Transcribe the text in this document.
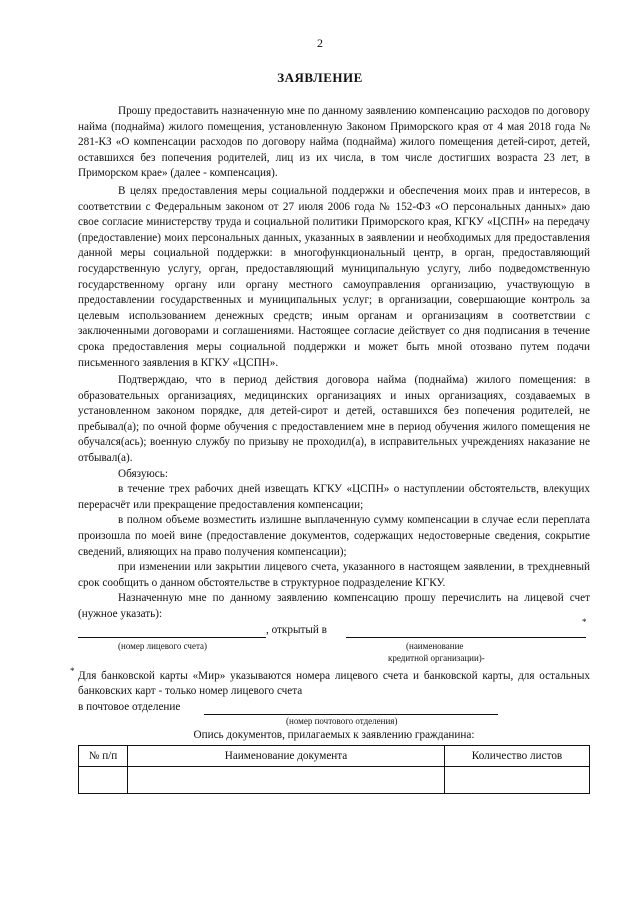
2
ЗАЯВЛЕНИЕ

Прошу предоставить назначенную мне по данному заявлению компенсацию расходов по договору найма (поднайма) жилого помещения, установленную Законом Приморского края от 4 мая 2018 года № 281-КЗ «О компенсации расходов по договору найма (поднайма) жилого помещения детей-сирот, детей, оставшихся без попечения родителей, лиц из их числа, в том числе достигших возраста 23 лет, в Приморском крае» (далее - компенсация).

В целях предоставления меры социальной поддержки и обеспечения моих прав и интересов, в соответствии с Федеральным законом от 27 июля 2006 года № 152-ФЗ «О персональных данных» даю свое согласие министерству труда и социальной политики Приморского края, КГКУ «ЦСПН» на передачу (предоставление) моих персональных данных, указанных в заявлении и необходимых для предоставления данной меры социальной поддержки: в многофункциональный центр, в орган, предоставляющий государственную услугу, орган, предоставляющий муниципальную услугу, либо подведомственную государственному органу или органу местного самоуправления организацию, участвующую в предоставлении государственных и муниципальных услуг; в организации, совершающие контроль за целевым использованием денежных средств; иным органам и организациям в соответствии с заключенными договорами и соглашениями. Настоящее согласие действует со дня подписания в течение срока предоставления меры социальной поддержки и может быть мной отозвано путем подачи письменного заявления в КГКУ «ЦСПН».

Подтверждаю, что в период действия договора найма (поднайма) жилого помещения: в образовательных организациях, медицинских организациях и иных организациях, создаваемых в установленном законом порядке, для детей-сирот и детей, оставшихся без попечения родителей, не пребывал(а); по очной форме обучения с предоставлением мне в период обучения жилого помещения не обучался(ась); военную службу по призыву не проходил(а), в исправительных учреждениях наказание не отбывал(а).

Обязуюсь:

в течение трех рабочих дней извещать КГКУ «ЦСПН» о наступлении обстоятельств, влекущих перерасчёт или прекращение предоставления компенсации;

в полном объеме возместить излишне выплаченную сумму компенсации в случае если переплата произошла по моей вине (предоставление документов, содержащих недостоверные сведения, сокрытие сведений, влияющих на право получения компенсации);

при изменении или закрытии лицевого счета, указанного в настоящем заявлении, в трехдневный срок сообщить о данном обстоятельстве в структурное подразделение КГКУ.

Назначенную мне по данному заявлению компенсацию прошу перечислить на лицевой счет (нужное указать):

, открытый в
*
(номер лицевого счета)	(наименование
кредитной организации)-
* Для банковской карты «Мир» указываются номера лицевого счета и банковской карты, для остальных банковских карт - только номер лицевого счета

в почтовое отделение
(номер почтового отделения)
Опись документов, прилагаемых к заявлению гражданина:
№ п/п	Наименование документа	Количество листов
